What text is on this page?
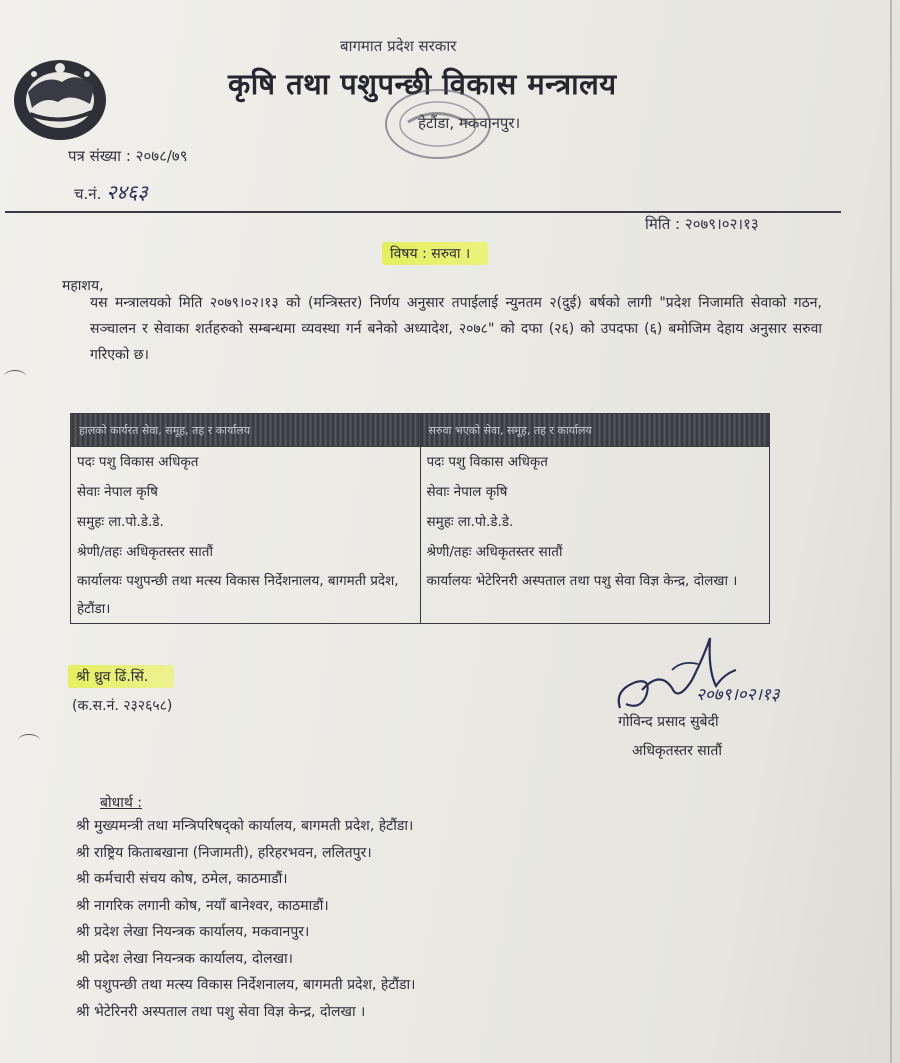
बागमात प्रदेश सरकार
कृषि तथा पशुपन्छी विकास मन्त्रालय
हेटौंडा, मकवानपुर।
पत्र संख्या : २०७८/७९
च.नं. २४६३
मिति : २०७९।०२।१३
विषय : सरुवा ।
महाशय,
यस मन्त्रालयको मिति २०७९।०२।१३ को (मन्त्रिस्तर) निर्णय अनुसार तपाईलाई न्युनतम २(दुई) बर्षको लागी "प्रदेश निजामति सेवाको गठन, सञ्चालन र सेवाका शर्तहरुको सम्बन्धमा व्यवस्था गर्न बनेको अध्यादेश, २०७८" को दफा (२६) को उपदफा (६) बमोजिम देहाय अनुसार सरुवा गरिएको छ।
हालको कार्यरत सेवा, समूह, तह र कार्यालय	सरुवा भएको सेवा, समूह, तह र कार्यालय

पदः पशु विकास अधिकृत	पदः पशु विकास अधिकृत

सेवाः नेपाल कृषि	सेवाः नेपाल कृषि

समुहः ला.पो.डे.डे.	समुहः ला.पो.डे.डे.

श्रेणी/तहः अधिकृतस्तर सातौं	श्रेणी/तहः अधिकृतस्तर सातौं

कार्यालयः पशुपन्छी तथा मत्स्य विकास निर्देशनालय, बागमती प्रदेश, हेटौंडा।	कार्यालयः भेटेरिनरी अस्पताल तथा पशु सेवा विज्ञ केन्द्र, दोलखा ।
श्री ध्रुव ढिं.सिं.
(क.स.नं. २३२६५८)
२०७९।०२।१३
गोविन्द प्रसाद सुबेदी
अधिकृतस्तर सातौं
बोधार्थ :
श्री मुख्यमन्त्री तथा मन्त्रिपरिषद्को कार्यालय, बागमती प्रदेश, हेटौंडा।
श्री राष्ट्रिय किताबखाना (निजामती), हरिहरभवन, ललितपुर।
श्री कर्मचारी संचय कोष, ठमेल, काठमाडौं।
श्री नागरिक लगानी कोष, नयाँ बानेश्वर, काठमाडौं।
श्री प्रदेश लेखा नियन्त्रक कार्यालय, मकवानपुर।
श्री प्रदेश लेखा नियन्त्रक कार्यालय, दोलखा।
श्री पशुपन्छी तथा मत्स्य विकास निर्देशनालय, बागमती प्रदेश, हेटौंडा।
श्री भेटेरिनरी अस्पताल तथा पशु सेवा विज्ञ केन्द्र, दोलखा ।
